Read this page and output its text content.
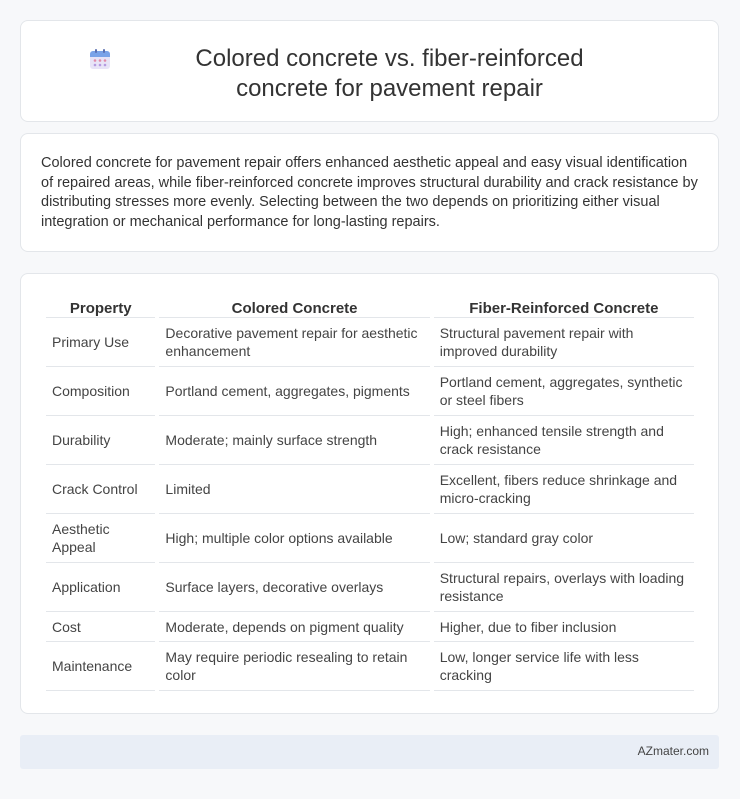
Colored concrete vs. fiber-reinforced concrete for pavement repair

Colored concrete for pavement repair offers enhanced aesthetic appeal and easy visual identification of repaired areas, while fiber-reinforced concrete improves structural durability and crack resistance by distributing stresses more evenly. Selecting between the two depends on prioritizing either visual integration or mechanical performance for long-lasting repairs.

Property	Colored Concrete	Fiber-Reinforced Concrete
Primary Use	Decorative pavement repair for aesthetic enhancement	Structural pavement repair with improved durability
Composition	Portland cement, aggregates, pigments	Portland cement, aggregates, synthetic or steel fibers
Durability	Moderate; mainly surface strength	High; enhanced tensile strength and crack resistance
Crack Control	Limited	Excellent, fibers reduce shrinkage and micro-cracking
Aesthetic Appeal	High; multiple color options available	Low; standard gray color
Application	Surface layers, decorative overlays	Structural repairs, overlays with loading resistance
Cost	Moderate, depends on pigment quality	Higher, due to fiber inclusion
Maintenance	May require periodic resealing to retain color	Low, longer service life with less cracking
AZmater.com
